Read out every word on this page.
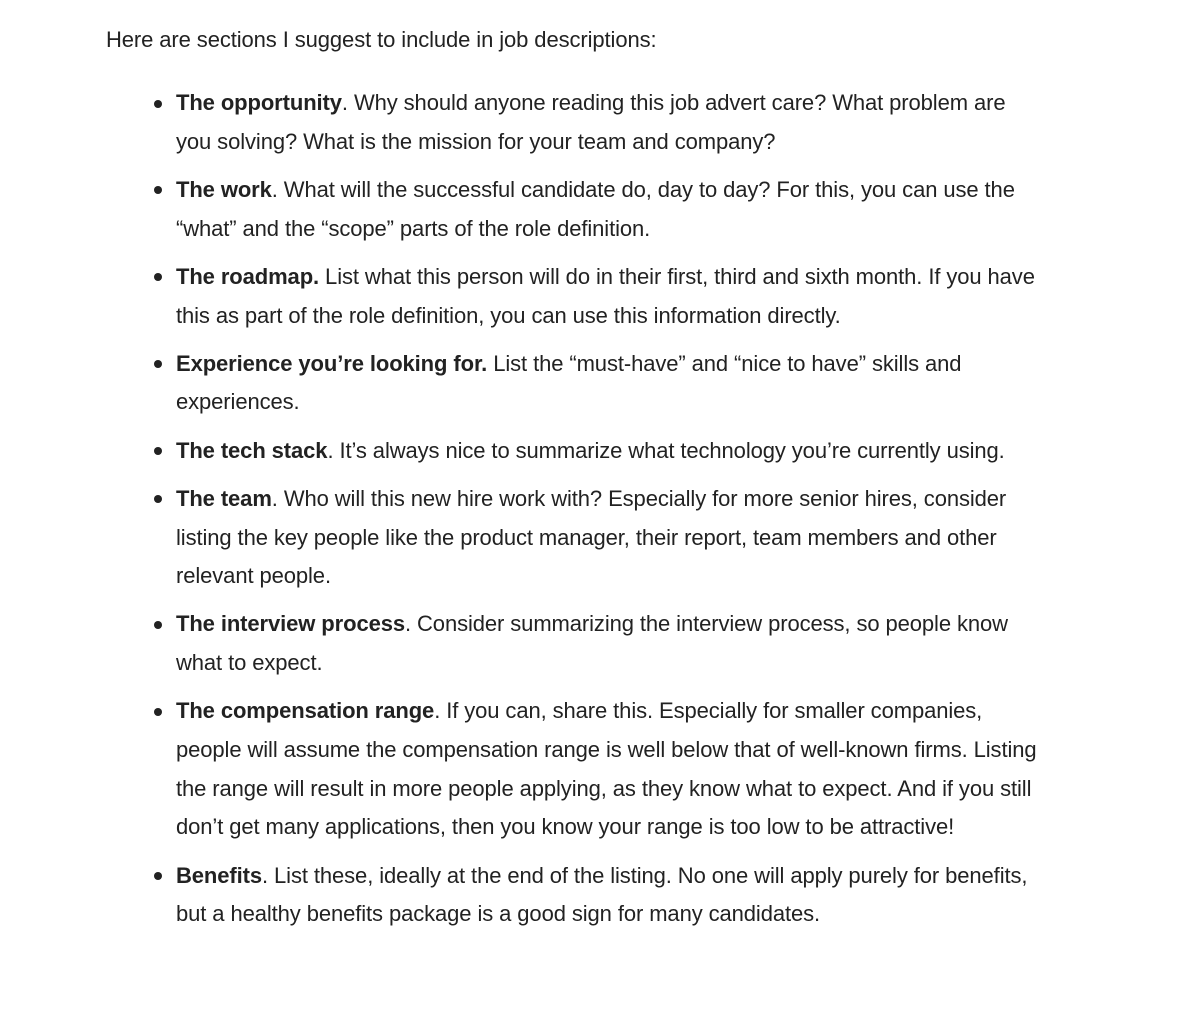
Here are sections I suggest to include in job descriptions:

The opportunity. Why should anyone reading this job advert care? What problem are you solving? What is the mission for your team and company?
The work. What will the successful candidate do, day to day? For this, you can use the “what” and the “scope” parts of the role definition.
The roadmap. List what this person will do in their first, third and sixth month. If you have this as part of the role definition, you can use this information directly.
Experience you’re looking for. List the “must-have” and “nice to have” skills and experiences.
The tech stack. It’s always nice to summarize what technology you’re currently using.
The team. Who will this new hire work with? Especially for more senior hires, consider listing the key people like the product manager, their report, team members and other relevant people.
The interview process. Consider summarizing the interview process, so people know what to expect.
The compensation range. If you can, share this. Especially for smaller companies, people will assume the compensation range is well below that of well-known firms. Listing the range will result in more people applying, as they know what to expect. And if you still don’t get many applications, then you know your range is too low to be attractive!
Benefits. List these, ideally at the end of the listing. No one will apply purely for benefits, but a healthy benefits package is a good sign for many candidates.
